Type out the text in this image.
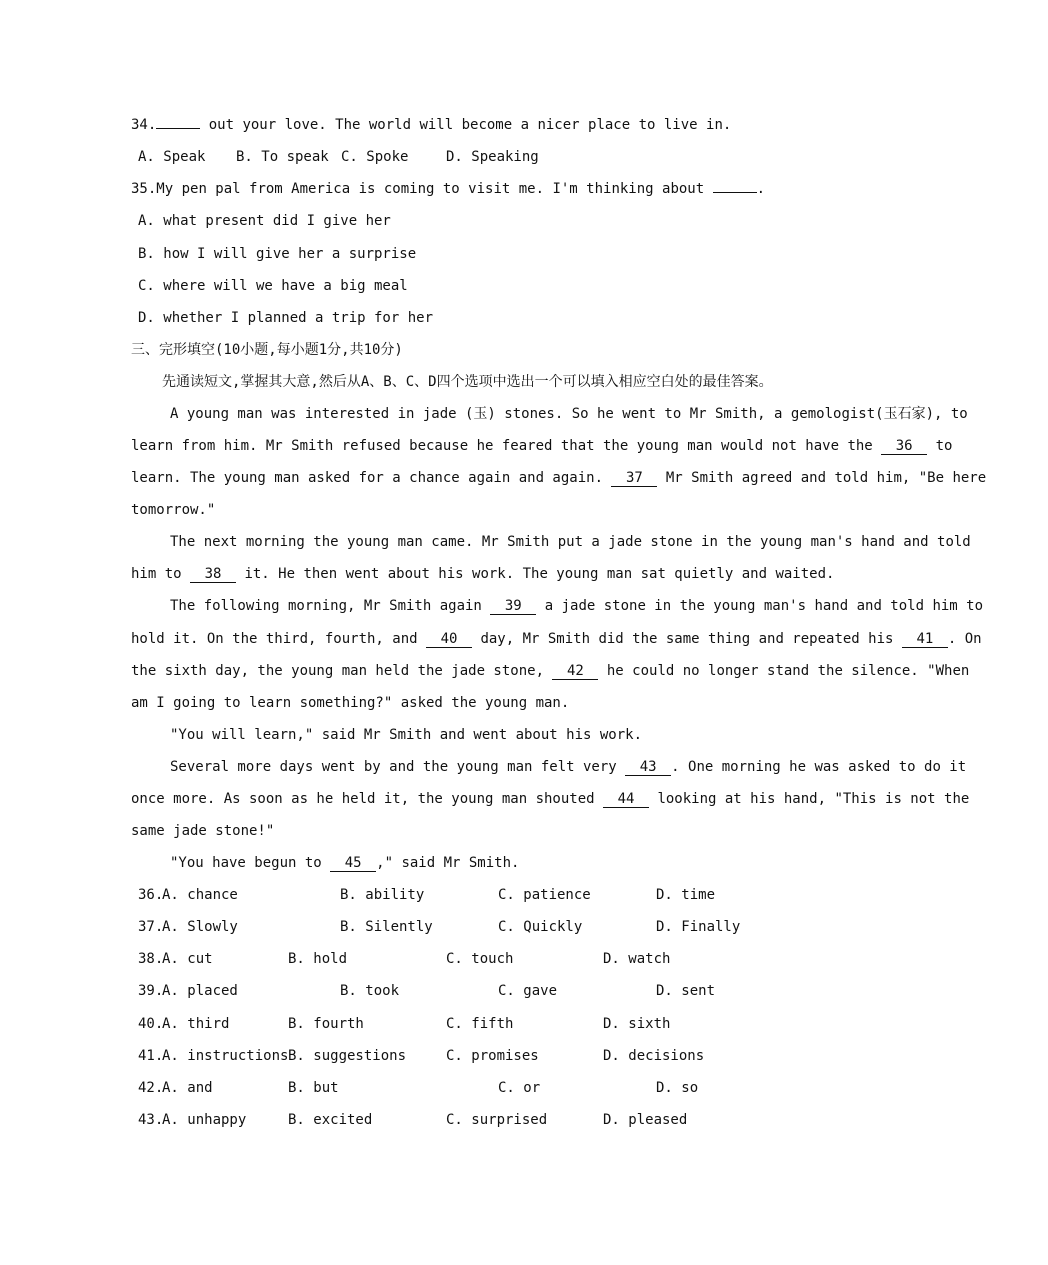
34.	out your love. The world will become a nicer place to live in.
A. Speak B. To speak C. Spoke	D. Speaking
35.My pen pal from America is coming to visit me. I'm thinking about	.
A. what present did I give her
B. how I will give her a surprise
C. where will we have a big meal
D. whether I planned a trip for her
三、完形填空(10小题,每小题1分,共10分)
先通读短文,掌握其大意,然后从A、B、C、D四个选项中选出一个可以填入相应空白处的最佳答案。
A young man was interested in jade (玉) stones. So he went to Mr Smith, a gemologist(玉石家), to
learn from him. Mr Smith refused because he feared that the young man would not have the 36 to
learn. The young man asked for a chance again and again. 37 Mr Smith agreed and told him, "Be here
tomorrow."
The next morning the young man came. Mr Smith put a jade stone in the young man's hand and told
him to 38 it. He then went about his work. The young man sat quietly and waited.
The following morning, Mr Smith again 39 a jade stone in the young man's hand and told him to
hold it. On the third, fourth, and 40 day, Mr Smith did the same thing and repeated his 41 . On
the sixth day, the young man held the jade stone, 42 he could no longer stand the silence. "When
am I going to learn something?" asked the young man.
"You will learn," said Mr Smith and went about his work.
Several more days went by and the young man felt very 43 . One morning he was asked to do it
once more. As soon as he held it, the young man shouted 44 looking at his hand, "This is not the
same jade stone!"
"You have begun to 45 ," said Mr Smith.
36.
A. chance	B. ability	C. patience	D. time
37.
A. Slowly	B. Silently	C. Quickly	D. Finally
38.
A. cut	B. hold	C. touch	D. watch
39.
A. placed	B. took	C. gave	D. sent
40.
A. third	B. fourth	C. fifth	D. sixth
41.
A. instructions B. suggestions	C. promises	D. decisions
42.
A. and	B. but	C. or	D. so
43.
A. unhappy	B. excited	C. surprised	D. pleased
